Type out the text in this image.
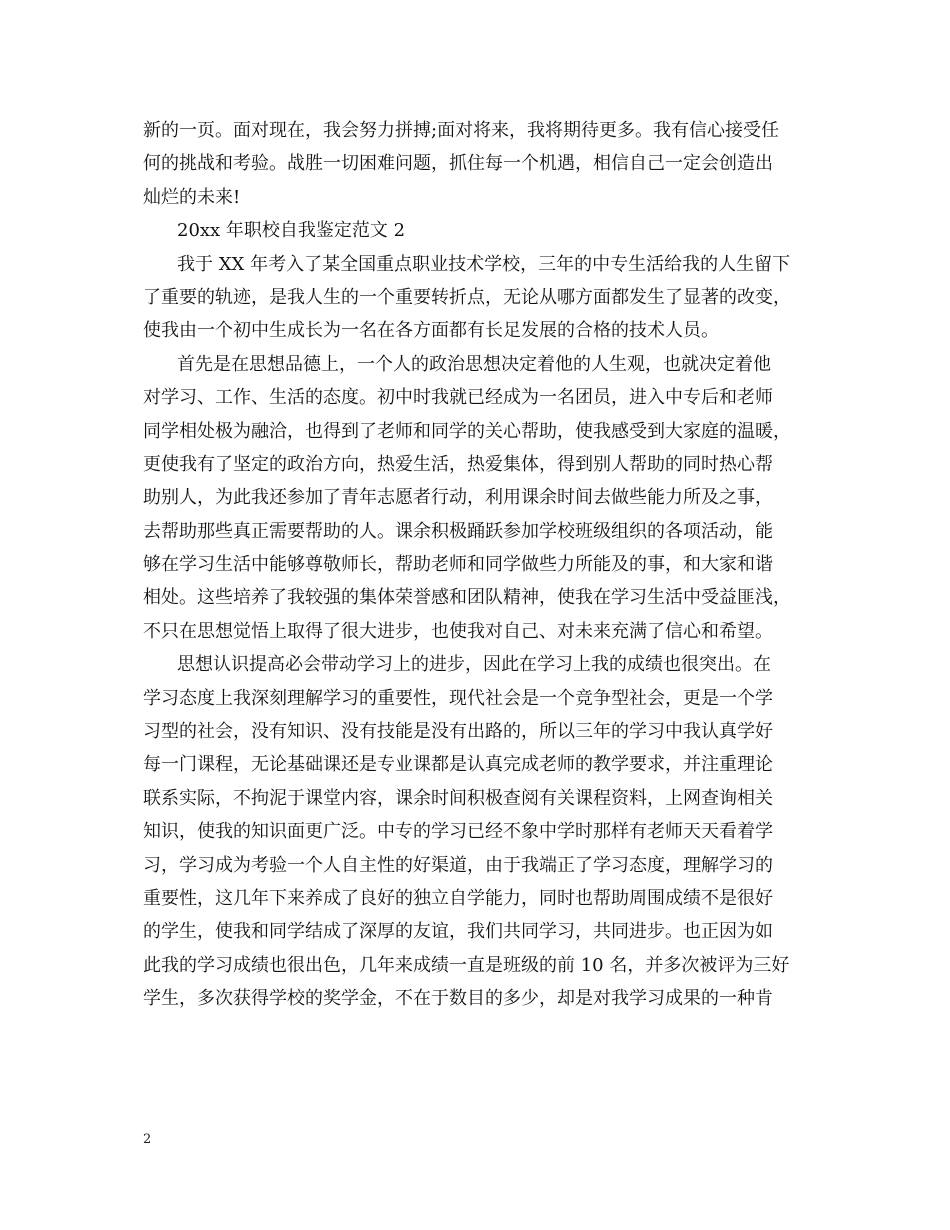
新的一页。面对现在，我会努力拼搏;面对将来，我将期待更多。我有信心接受任
何的挑战和考验。战胜一切困难问题，抓住每一个机遇，相信自己一定会创造出
灿烂的未来!
20xx 年职校自我鉴定范文 2
我于 XX 年考入了某全国重点职业技术学校，三年的中专生活给我的人生留下
了重要的轨迹，是我人生的一个重要转折点，无论从哪方面都发生了显著的改变，
使我由一个初中生成长为一名在各方面都有长足发展的合格的技术人员。
首先是在思想品德上，一个人的政治思想决定着他的人生观，也就决定着他
对学习、工作、生活的态度。初中时我就已经成为一名团员，进入中专后和老师
同学相处极为融洽，也得到了老师和同学的关心帮助，使我感受到大家庭的温暖，
更使我有了坚定的政治方向，热爱生活，热爱集体，得到别人帮助的同时热心帮
助别人，为此我还参加了青年志愿者行动，利用课余时间去做些能力所及之事，
去帮助那些真正需要帮助的人。课余积极踊跃参加学校班级组织的各项活动，能
够在学习生活中能够尊敬师长，帮助老师和同学做些力所能及的事，和大家和谐
相处。这些培养了我较强的集体荣誉感和团队精神，使我在学习生活中受益匪浅，
不只在思想觉悟上取得了很大进步，也使我对自己、对未来充满了信心和希望。
思想认识提高必会带动学习上的进步，因此在学习上我的成绩也很突出。在
学习态度上我深刻理解学习的重要性，现代社会是一个竞争型社会，更是一个学
习型的社会，没有知识、没有技能是没有出路的，所以三年的学习中我认真学好
每一门课程，无论基础课还是专业课都是认真完成老师的教学要求，并注重理论
联系实际，不拘泥于课堂内容，课余时间积极查阅有关课程资料，上网查询相关
知识，使我的知识面更广泛。中专的学习已经不象中学时那样有老师天天看着学
习，学习成为考验一个人自主性的好渠道，由于我端正了学习态度，理解学习的
重要性，这几年下来养成了良好的独立自学能力，同时也帮助周围成绩不是很好
的学生，使我和同学结成了深厚的友谊，我们共同学习，共同进步。也正因为如
此我的学习成绩也很出色，几年来成绩一直是班级的前 10 名，并多次被评为三好
学生，多次获得学校的奖学金，不在于数目的多少，却是对我学习成果的一种肯
2
